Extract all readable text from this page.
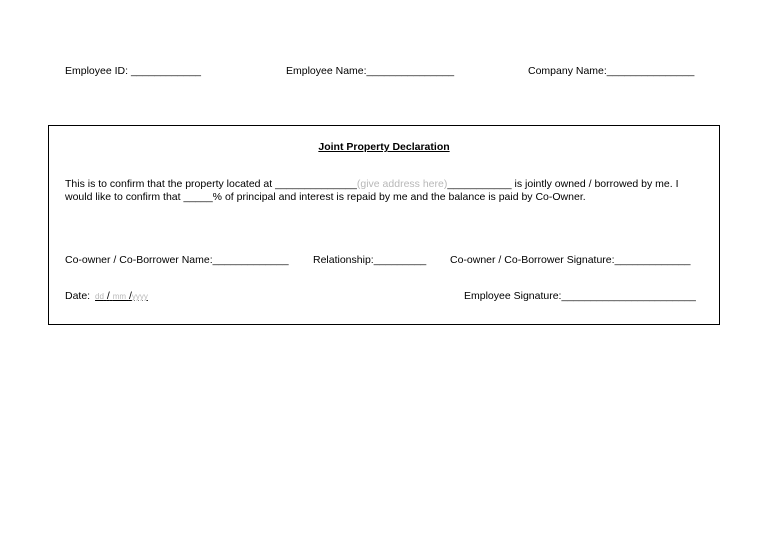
Employee ID: ____________	Employee Name:_______________	Company Name:_______________
Joint Property Declaration
This is to confirm that the property located at ______________(give address here)___________ is jointly owned / borrowed by me. I
would like to confirm that _____% of principal and interest is repaid by me and the balance is paid by Co-Owner.
Co-owner / Co-Borrower Name:_____________ Relationship:_________ Co-owner / Co-Borrower Signature:_____________
Date: dd / mm /yyyy	Employee Signature:_______________________
